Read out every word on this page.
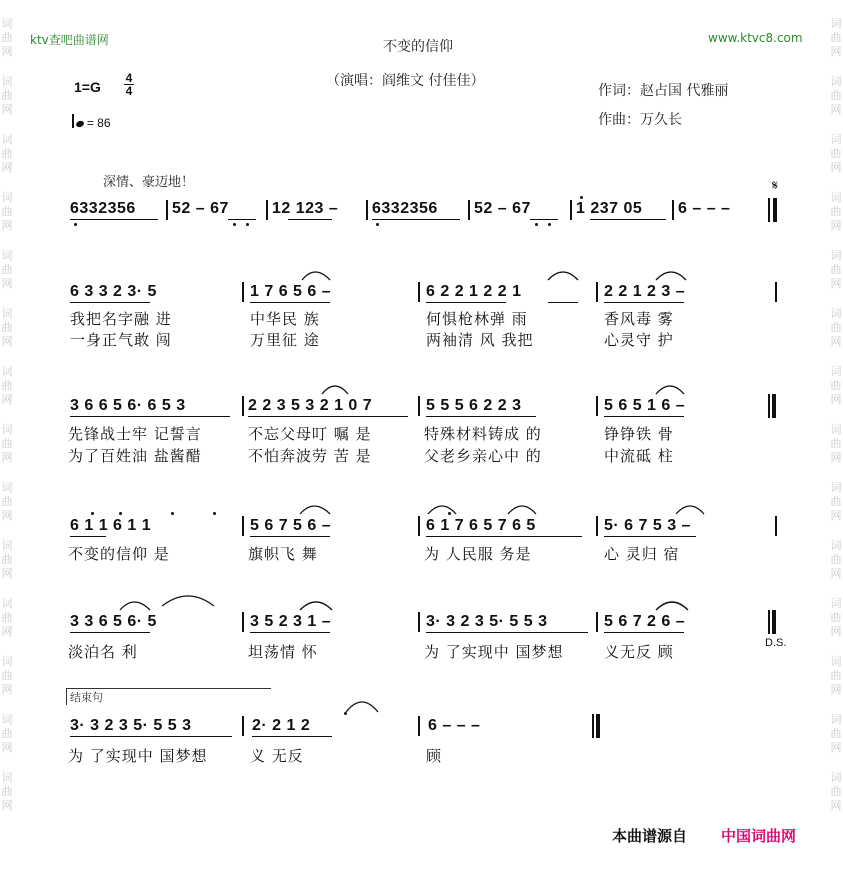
词
曲
网
词
曲
网
词
曲
网
词
曲
网
词
曲
网
词
曲
网
词
曲
网
词
曲
网
词
曲
网
词
曲
网
词
曲
网
词
曲
网
词
曲
网
词
曲
网
词
曲
网
词
曲
网
词
曲
网
词
曲
网
词
曲
网
词
曲
网
词
曲
网
词
曲
网
词
曲
网
词
曲
网
词
曲
网
词
曲
网
词
曲
网
词
曲
网
ktv查吧曲谱网	www.ktvc8.com
不变的信仰
（演唱：阎维文 付佳佳）
作词：赵占国 代雅丽
作曲：万久长
1=G
4
4
= 86
深情、豪迈地！	𝄋
6332356 52 – 67	12 123 – 6332356 52 – 67	1 237 05 6 – – –
6 3 3 2 3· 5	1 7 6 5 6 –	6 2 2 1 2 2 1	2 2 1 2 3 –
我把名字融 进	中华民 族	何惧枪林弹 雨	香风毒 雾
一身正气敢 闯	万里征 途	两袖清 风 我把	心灵守 护
3 6 6 5 6· 6 5 3	2 2 3 5 3 2 1 0 7	5 5 5 6 2 2 3	5 6 5 1 6 –
先锋战士牢 记誓言	不忘父母叮 嘱 是	特殊材料铸成 的	铮铮铁 骨
为了百姓油 盐酱醋	不怕奔波劳 苦 是	父老乡亲心中 的	中流砥 柱
6 1 1 6 1 1	5 6 7 5 6 –	6 1 7 6 5 7 6 5	5· 6 7 5 3 –
不变的信仰 是	旗帜飞 舞	为 人民服 务是	心 灵归 宿
3 3 6 5 6· 5	3 5 2 3 1 –	3· 3 2 3 5· 5 5 3	5 6 7 2 6 –
D.S.
淡泊名 利	坦荡情 怀	为 了实现中 国梦想	义无反 顾
结束句
3· 3 2 3 5· 5 5 3	2· 2 1 2	6 – – –
为 了实现中 国梦想	义 无反	顾
本曲谱源自 中国词曲网
